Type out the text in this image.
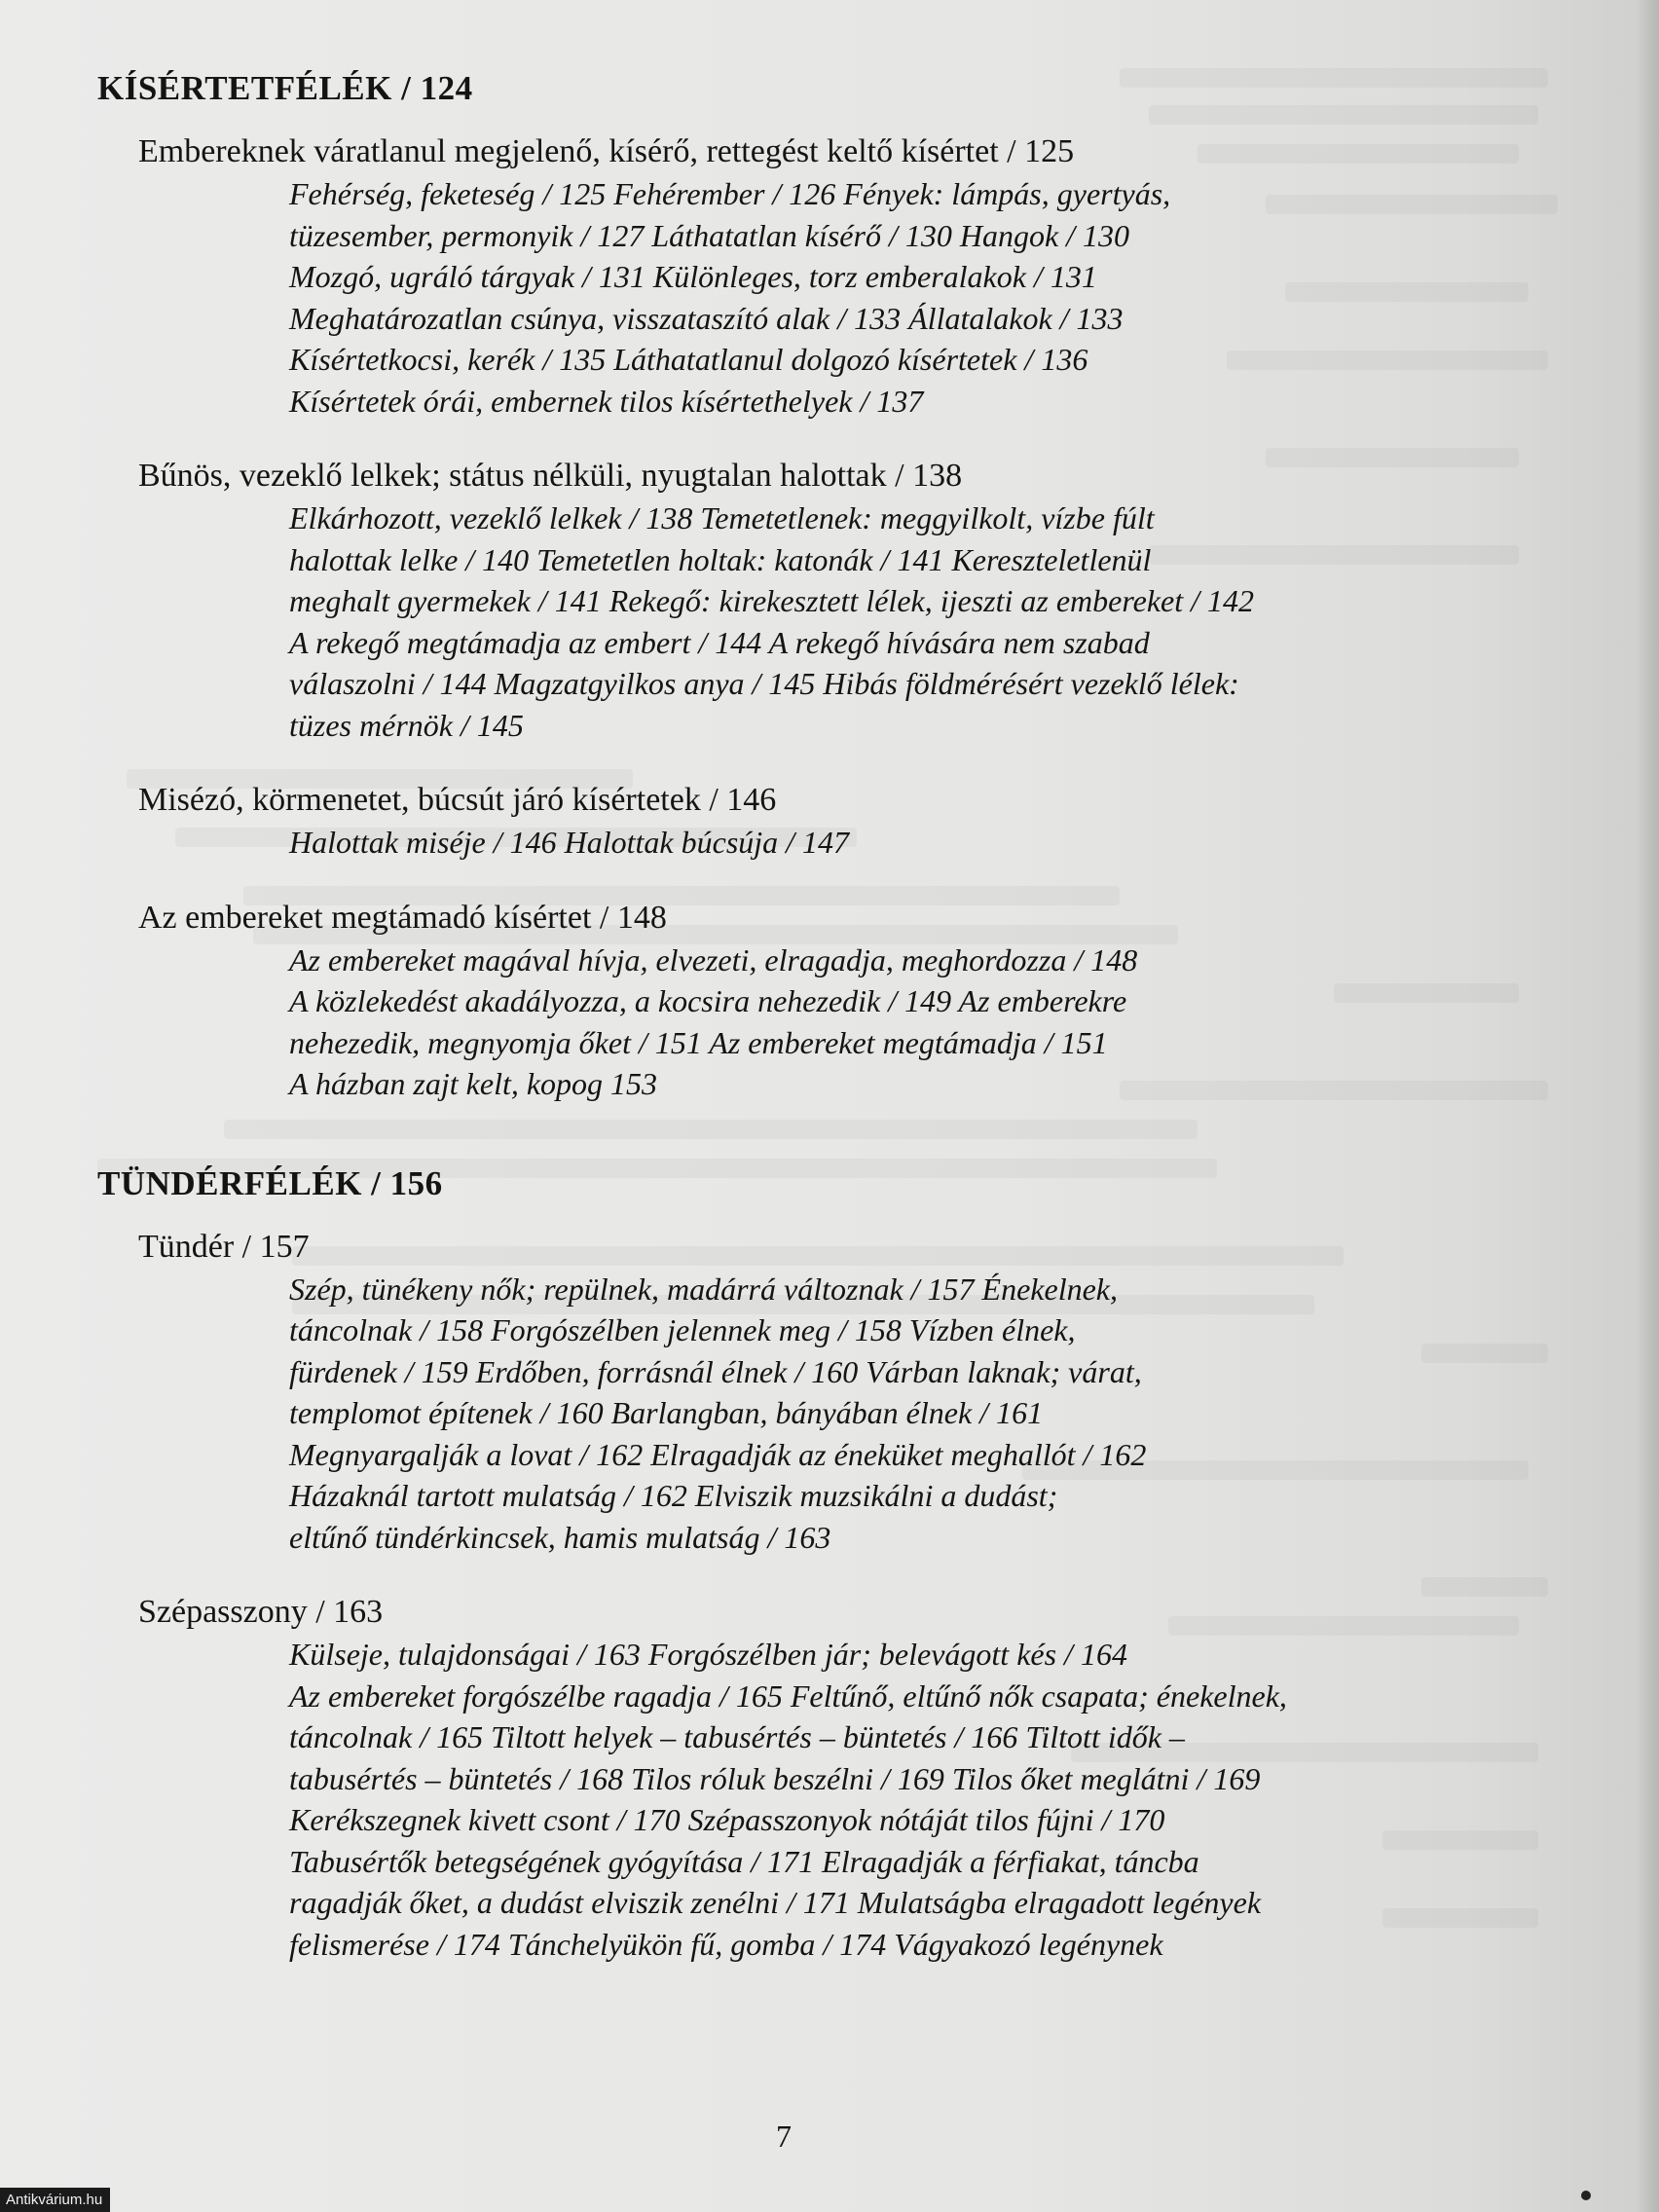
KÍSÉRTETFÉLÉK / 124

Embereknek váratlanul megjelenő, kísérő, rettegést keltő kísértet / 125

Fehérség, feketeség / 125 Fehérember / 126 Fények: lámpás, gyertyás,
tüzesember, permonyik / 127 Láthatatlan kísérő / 130 Hangok / 130
Mozgó, ugráló tárgyak / 131 Különleges, torz emberalakok / 131
Meghatározatlan csúnya, visszataszító alak / 133 Állatalakok / 133
Kísértetkocsi, kerék / 135 Láthatatlanul dolgozó kísértetek / 136
Kísértetek órái, embernek tilos kísértethelyek / 137

Bűnös, vezeklő lelkek; státus nélküli, nyugtalan halottak / 138

Elkárhozott, vezeklő lelkek / 138 Temetetlenek: meggyilkolt, vízbe fúlt
halottak lelke / 140 Temetetlen holtak: katonák / 141 Kereszteletlenül
meghalt gyermekek / 141 Rekegő: kirekesztett lélek, ijeszti az embereket / 142
A rekegő megtámadja az embert / 144 A rekegő hívására nem szabad
válaszolni / 144 Magzatgyilkos anya / 145 Hibás földmérésért vezeklő lélek:
tüzes mérnök / 145

Misézó, körmenetet, búcsút járó kísértetek / 146

Halottak miséje / 146 Halottak búcsúja / 147

Az embereket megtámadó kísértet / 148

Az embereket magával hívja, elvezeti, elragadja, meghordozza / 148
A közlekedést akadályozza, a kocsira nehezedik / 149 Az emberekre
nehezedik, megnyomja őket / 151 Az embereket megtámadja / 151
A házban zajt kelt, kopog 153

TÜNDÉRFÉLÉK / 156

Tündér / 157

Szép, tünékeny nők; repülnek, madárrá változnak / 157 Énekelnek,
táncolnak / 158 Forgószélben jelennek meg / 158 Vízben élnek,
fürdenek / 159 Erdőben, forrásnál élnek / 160 Várban laknak; várat,
templomot építenek / 160 Barlangban, bányában élnek / 161
Megnyargalják a lovat / 162 Elragadják az éneküket meghallót / 162
Házaknál tartott mulatság / 162 Elviszik muzsikálni a dudást;
eltűnő tündérkincsek, hamis mulatság / 163

Szépasszony / 163

Külseje, tulajdonságai / 163 Forgószélben jár; belevágott kés / 164
Az embereket forgószélbe ragadja / 165 Feltűnő, eltűnő nők csapata; énekelnek,
táncolnak / 165 Tiltott helyek – tabusértés – büntetés / 166 Tiltott idők –
tabusértés – büntetés / 168 Tilos róluk beszélni / 169 Tilos őket meglátni / 169
Kerékszegnek kivett csont / 170 Szépasszonyok nótáját tilos fújni / 170
Tabusértők betegségének gyógyítása / 171 Elragadják a férfiakat, táncba
ragadják őket, a dudást elviszik zenélni / 171 Mulatságba elragadott legények
felismerése / 174 Tánchelyükön fű, gomba / 174 Vágyakozó legénynek

7
Antikvárium.hu
